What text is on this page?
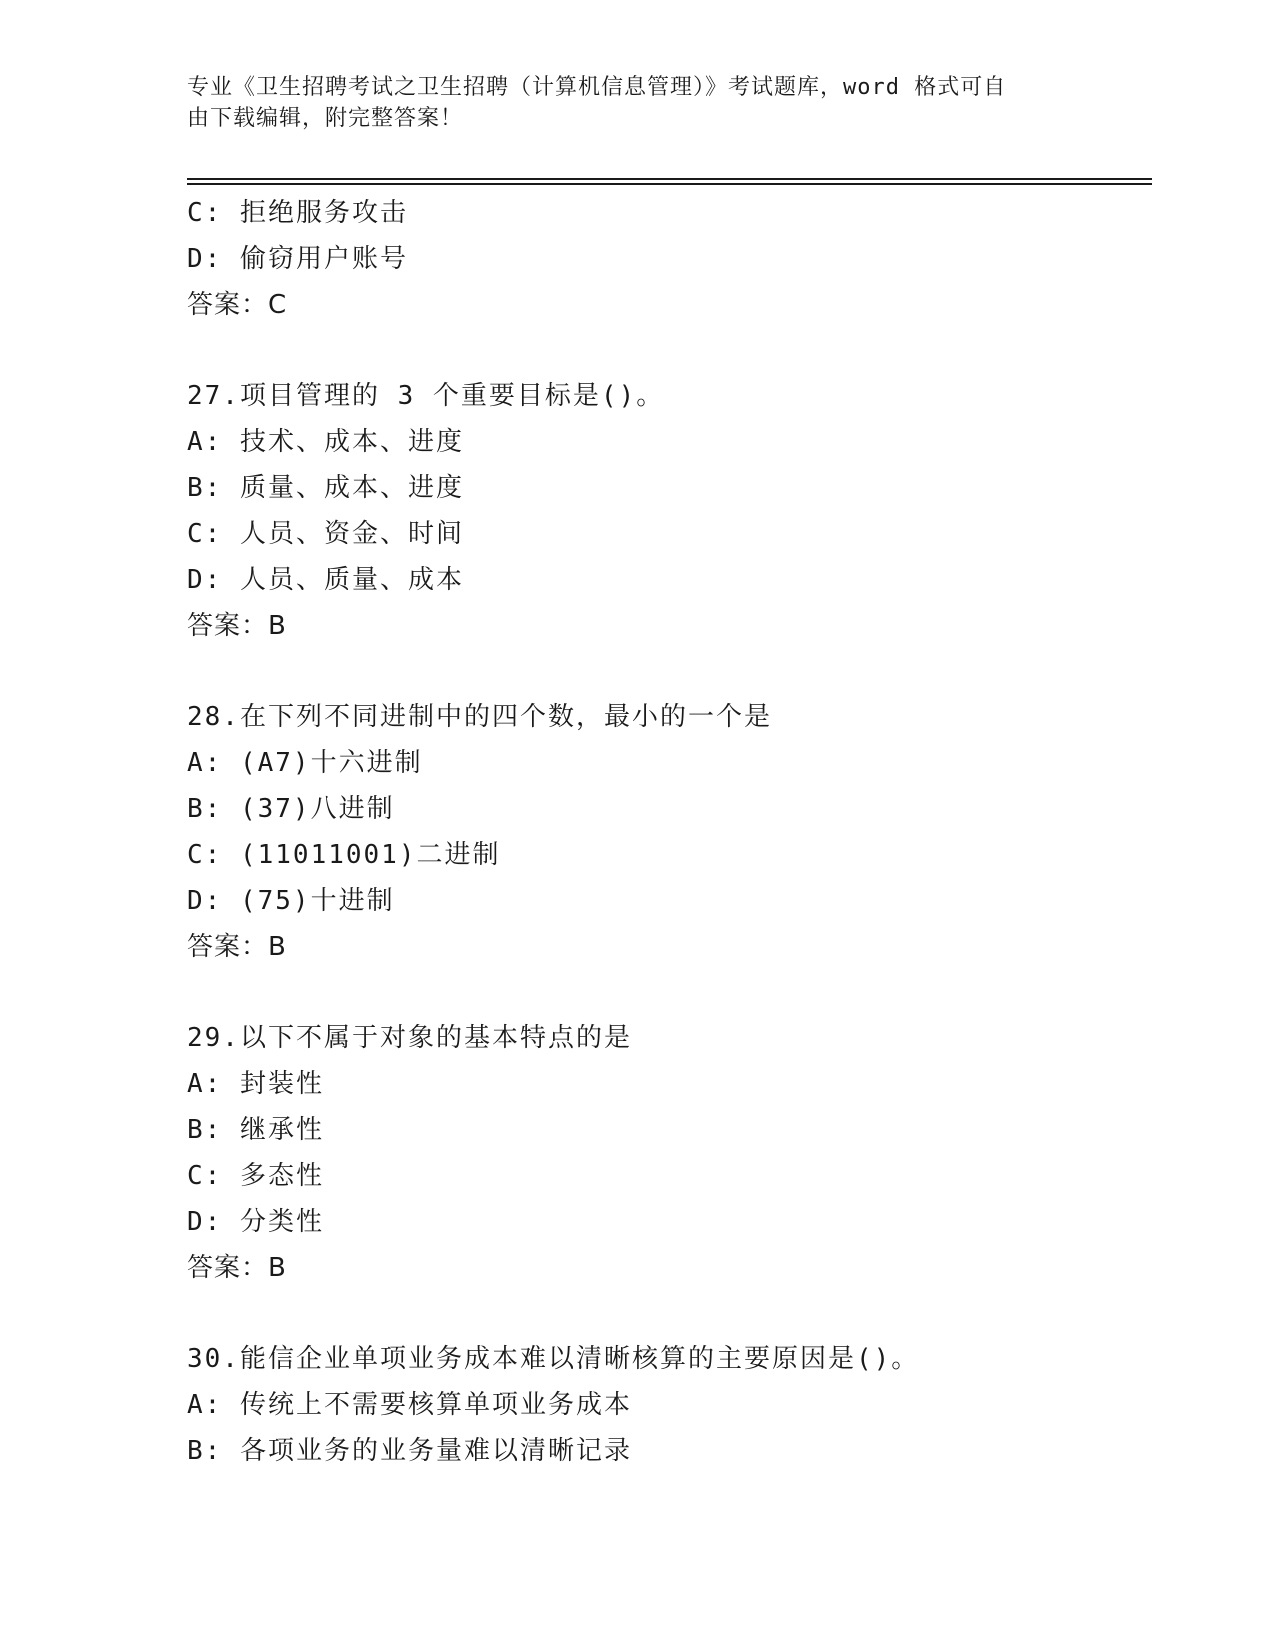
专业《卫生招聘考试之卫生招聘（计算机信息管理）》考试题库，word 格式可自
由下载编辑，附完整答案！
C: 拒绝服务攻击
D: 偷窃用户账号
答案：C
27.项目管理的 3 个重要目标是()。
A: 技术、成本、进度
B: 质量、成本、进度
C: 人员、资金、时间
D: 人员、质量、成本
答案：B
28.在下列不同进制中的四个数，最小的一个是
A: (A7)十六进制
B: (37)八进制
C: (11011001)二进制
D: (75)十进制
答案：B
29.以下不属于对象的基本特点的是
A: 封装性
B: 继承性
C: 多态性
D: 分类性
答案：B
30.能信企业单项业务成本难以清晰核算的主要原因是()。
A: 传统上不需要核算单项业务成本
B: 各项业务的业务量难以清晰记录
